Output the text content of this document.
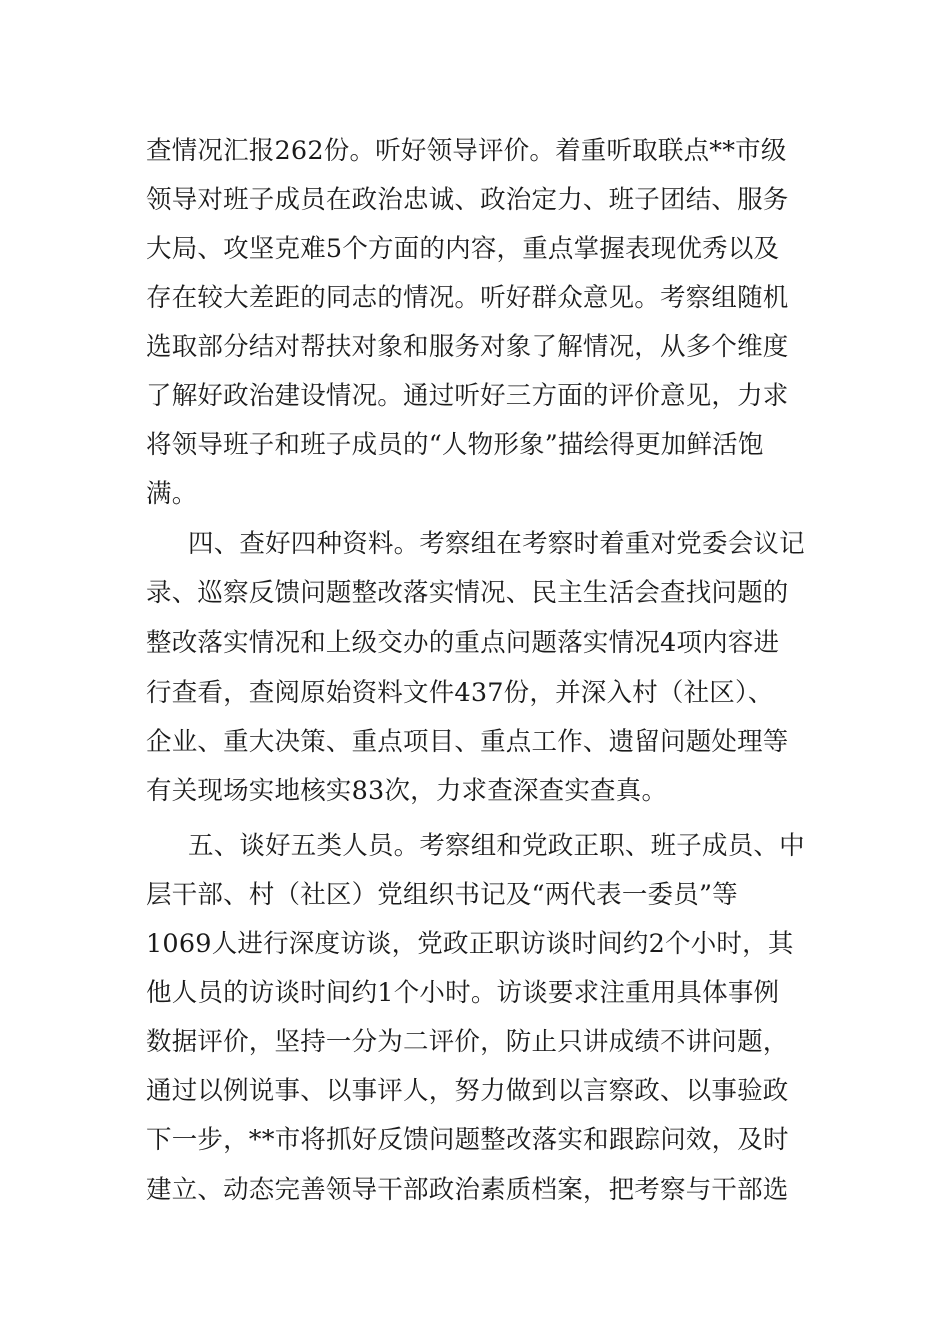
查情况汇报262份。听好领导评价。着重听取联点**市级
领导对班子成员在政治忠诚、政治定力、班子团结、服务
大局、攻坚克难5个方面的内容，重点掌握表现优秀以及
存在较大差距的同志的情况。听好群众意见。考察组随机
选取部分结对帮扶对象和服务对象了解情况，从多个维度
了解好政治建设情况。通过听好三方面的评价意见，力求
将领导班子和班子成员的“人物形象”描绘得更加鲜活饱
满。
四、查好四种资料。考察组在考察时着重对党委会议记
录、巡察反馈问题整改落实情况、民主生活会查找问题的
整改落实情况和上级交办的重点问题落实情况4项内容进
行查看，查阅原始资料文件437份，并深入村（社区）、
企业、重大决策、重点项目、重点工作、遗留问题处理等
有关现场实地核实83次，力求查深查实查真。
五、谈好五类人员。考察组和党政正职、班子成员、中
层干部、村（社区）党组织书记及“两代表一委员”等
1069人进行深度访谈，党政正职访谈时间约2个小时，其
他人员的访谈时间约1个小时。访谈要求注重用具体事例
数据评价，坚持一分为二评价，防止只讲成绩不讲问题，
通过以例说事、以事评人，努力做到以言察政、以事验政
下一步，**市将抓好反馈问题整改落实和跟踪问效，及时
建立、动态完善领导干部政治素质档案，把考察与干部选
